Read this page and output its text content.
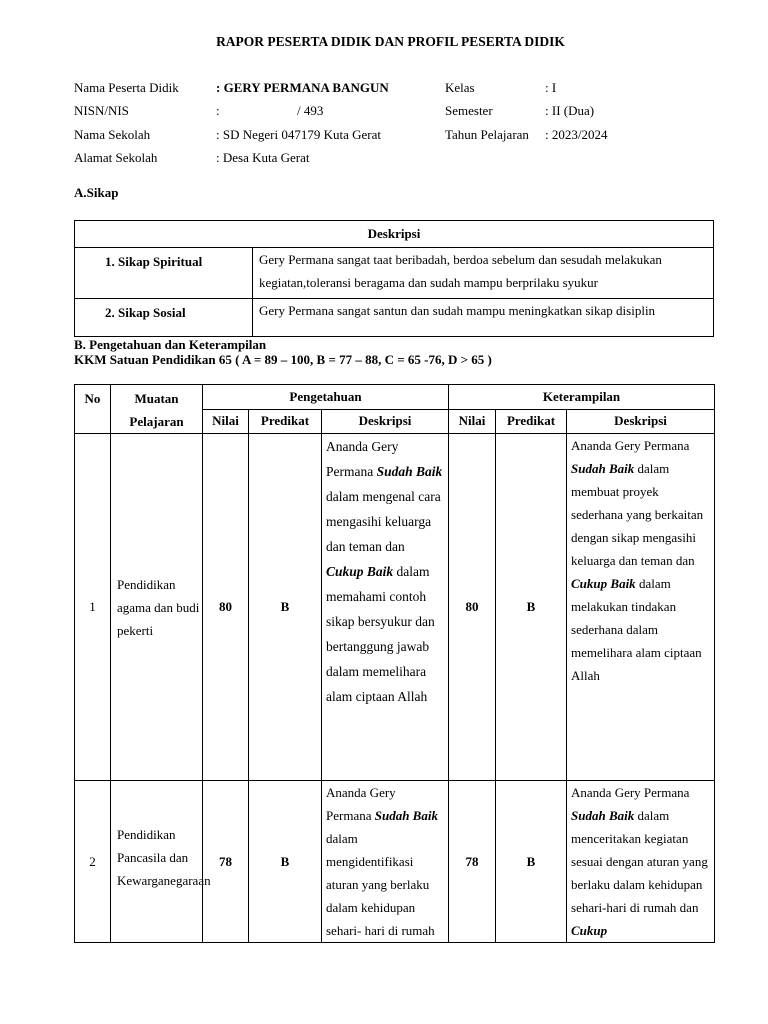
RAPOR PESERTA DIDIK DAN PROFIL PESERTA DIDIK
Nama Peserta Didik	: GERY PERMANA BANGUN
NISN/NIS	:	/ 493
Nama Sekolah	: SD Negeri 047179 Kuta Gerat
Alamat Sekolah	: Desa Kuta Gerat
Kelas	: I
Semester	: II (Dua)
Tahun Pelajaran : 2023/2024
A.Sikap
Deskripsi	
1. Sikap Spiritual	Gery Permana sangat taat beribadah, berdoa sebelum dan sesudah melakukan kegiatan,toleransi beragama dan sudah mampu berprilaku syukur
2. Sikap Sosial	Gery Permana sangat santun dan sudah mampu meningkatkan sikap disiplin
B. Pengetahuan dan Keterampilan
KKM Satuan Pendidikan 65 ( A = 89 – 100, B = 77 – 88, C = 65 -76, D > 65 )
No	Muatan Pelajaran	Pengetahuan			Keterampilan		
		Nilai	Predikat	Deskripsi	Nilai	Predikat	Deskripsi
1	Pendidikan agama dan budi pekerti	80	B	Ananda Gery Permana Sudah Baik dalam mengenal cara mengasihi keluarga dan teman dan Cukup Baik dalam memahami contoh sikap bersyukur dan bertanggung jawab dalam memelihara alam ciptaan Allah	80	B	Ananda Gery Permana Sudah Baik dalam membuat proyek sederhana yang berkaitan dengan sikap mengasihi keluarga dan teman dan Cukup Baik dalam melakukan tindakan sederhana dalam memelihara alam ciptaan Allah
2	Pendidikan Pancasila dan Kewarganegaraan	78	B	Ananda Gery Permana Sudah Baik dalam mengidentifikasi aturan yang berlaku dalam kehidupan sehari- hari di rumah	78	B	Ananda Gery Permana Sudah Baik dalam menceritakan kegiatan sesuai dengan aturan yang berlaku dalam kehidupan sehari-hari di rumah dan Cukup
